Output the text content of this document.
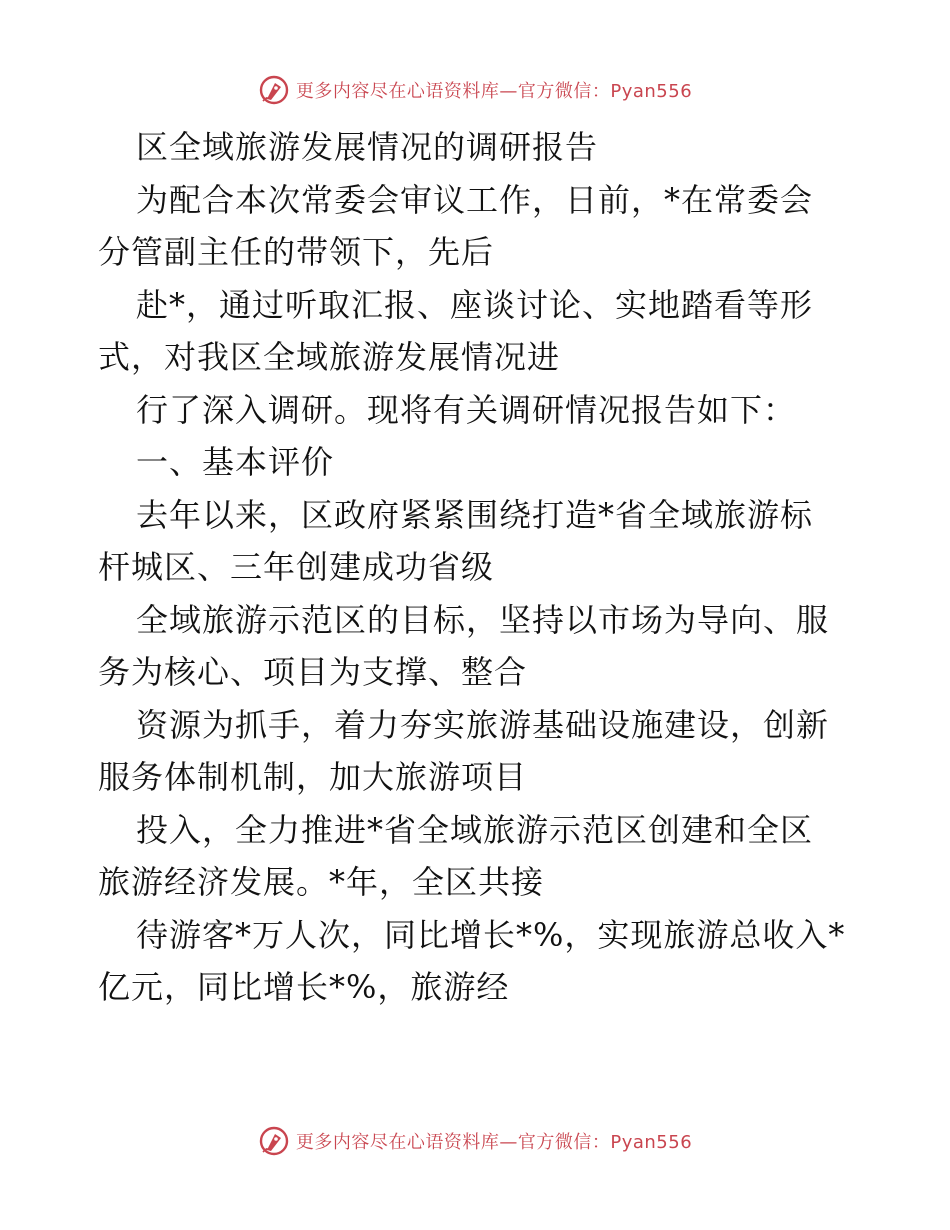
更多内容尽在心语资料库—官方微信：Pyan556
区全域旅游发展情况的调研报告
为配合本次常委会审议工作，日前，*在常委会
分管副主任的带领下，先后
赴*，通过听取汇报、座谈讨论、实地踏看等形
式，对我区全域旅游发展情况进
行了深入调研。现将有关调研情况报告如下：
一、基本评价
去年以来，区政府紧紧围绕打造*省全域旅游标
杆城区、三年创建成功省级
全域旅游示范区的目标，坚持以市场为导向、服
务为核心、项目为支撑、整合
资源为抓手，着力夯实旅游基础设施建设，创新
服务体制机制，加大旅游项目
投入，全力推进*省全域旅游示范区创建和全区
旅游经济发展。*年，全区共接
待游客*万人次，同比增长*%，实现旅游总收入*
亿元，同比增长*%，旅游经
更多内容尽在心语资料库—官方微信：Pyan556
